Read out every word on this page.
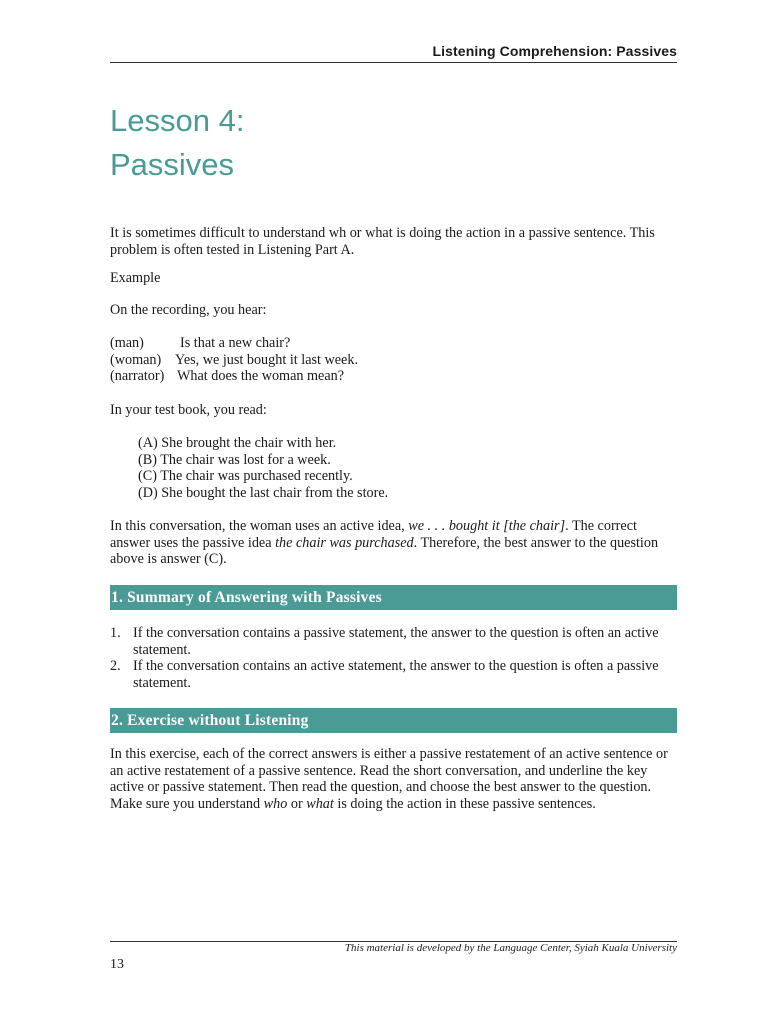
Listening Comprehension: Passives
Lesson 4:
Passives

It is sometimes difficult to understand wh or what is doing the action in a passive sentence. This problem is often tested in Listening Part A.

Example

On the recording, you hear:

(man)	Is that a new chair?
(woman) Yes, we just bought it last week.
(narrator) What does the woman mean?

In your test book, you read:

(A) She brought the chair with her.
(B) The chair was lost for a week.
(C) The chair was purchased recently.
(D) She bought the last chair from the store.

In this conversation, the woman uses an active idea, we . . . bought it [the chair]. The correct answer uses the passive idea the chair was purchased. Therefore, the best answer to the question above is answer (C).

1. Summary of Answering with Passives
1. If the conversation contains a passive statement, the answer to the question is often an active statement.
2. If the conversation contains an active statement, the answer to the question is often a passive statement.
2. Exercise without Listening

In this exercise, each of the correct answers is either a passive restatement of an active sentence or an active restatement of a passive sentence. Read the short conversation, and underline the key active or passive statement. Then read the question, and choose the best answer to the question. Make sure you understand who or what is doing the action in these passive sentences.

This material is developed by the Language Center, Syiah Kuala University
13
